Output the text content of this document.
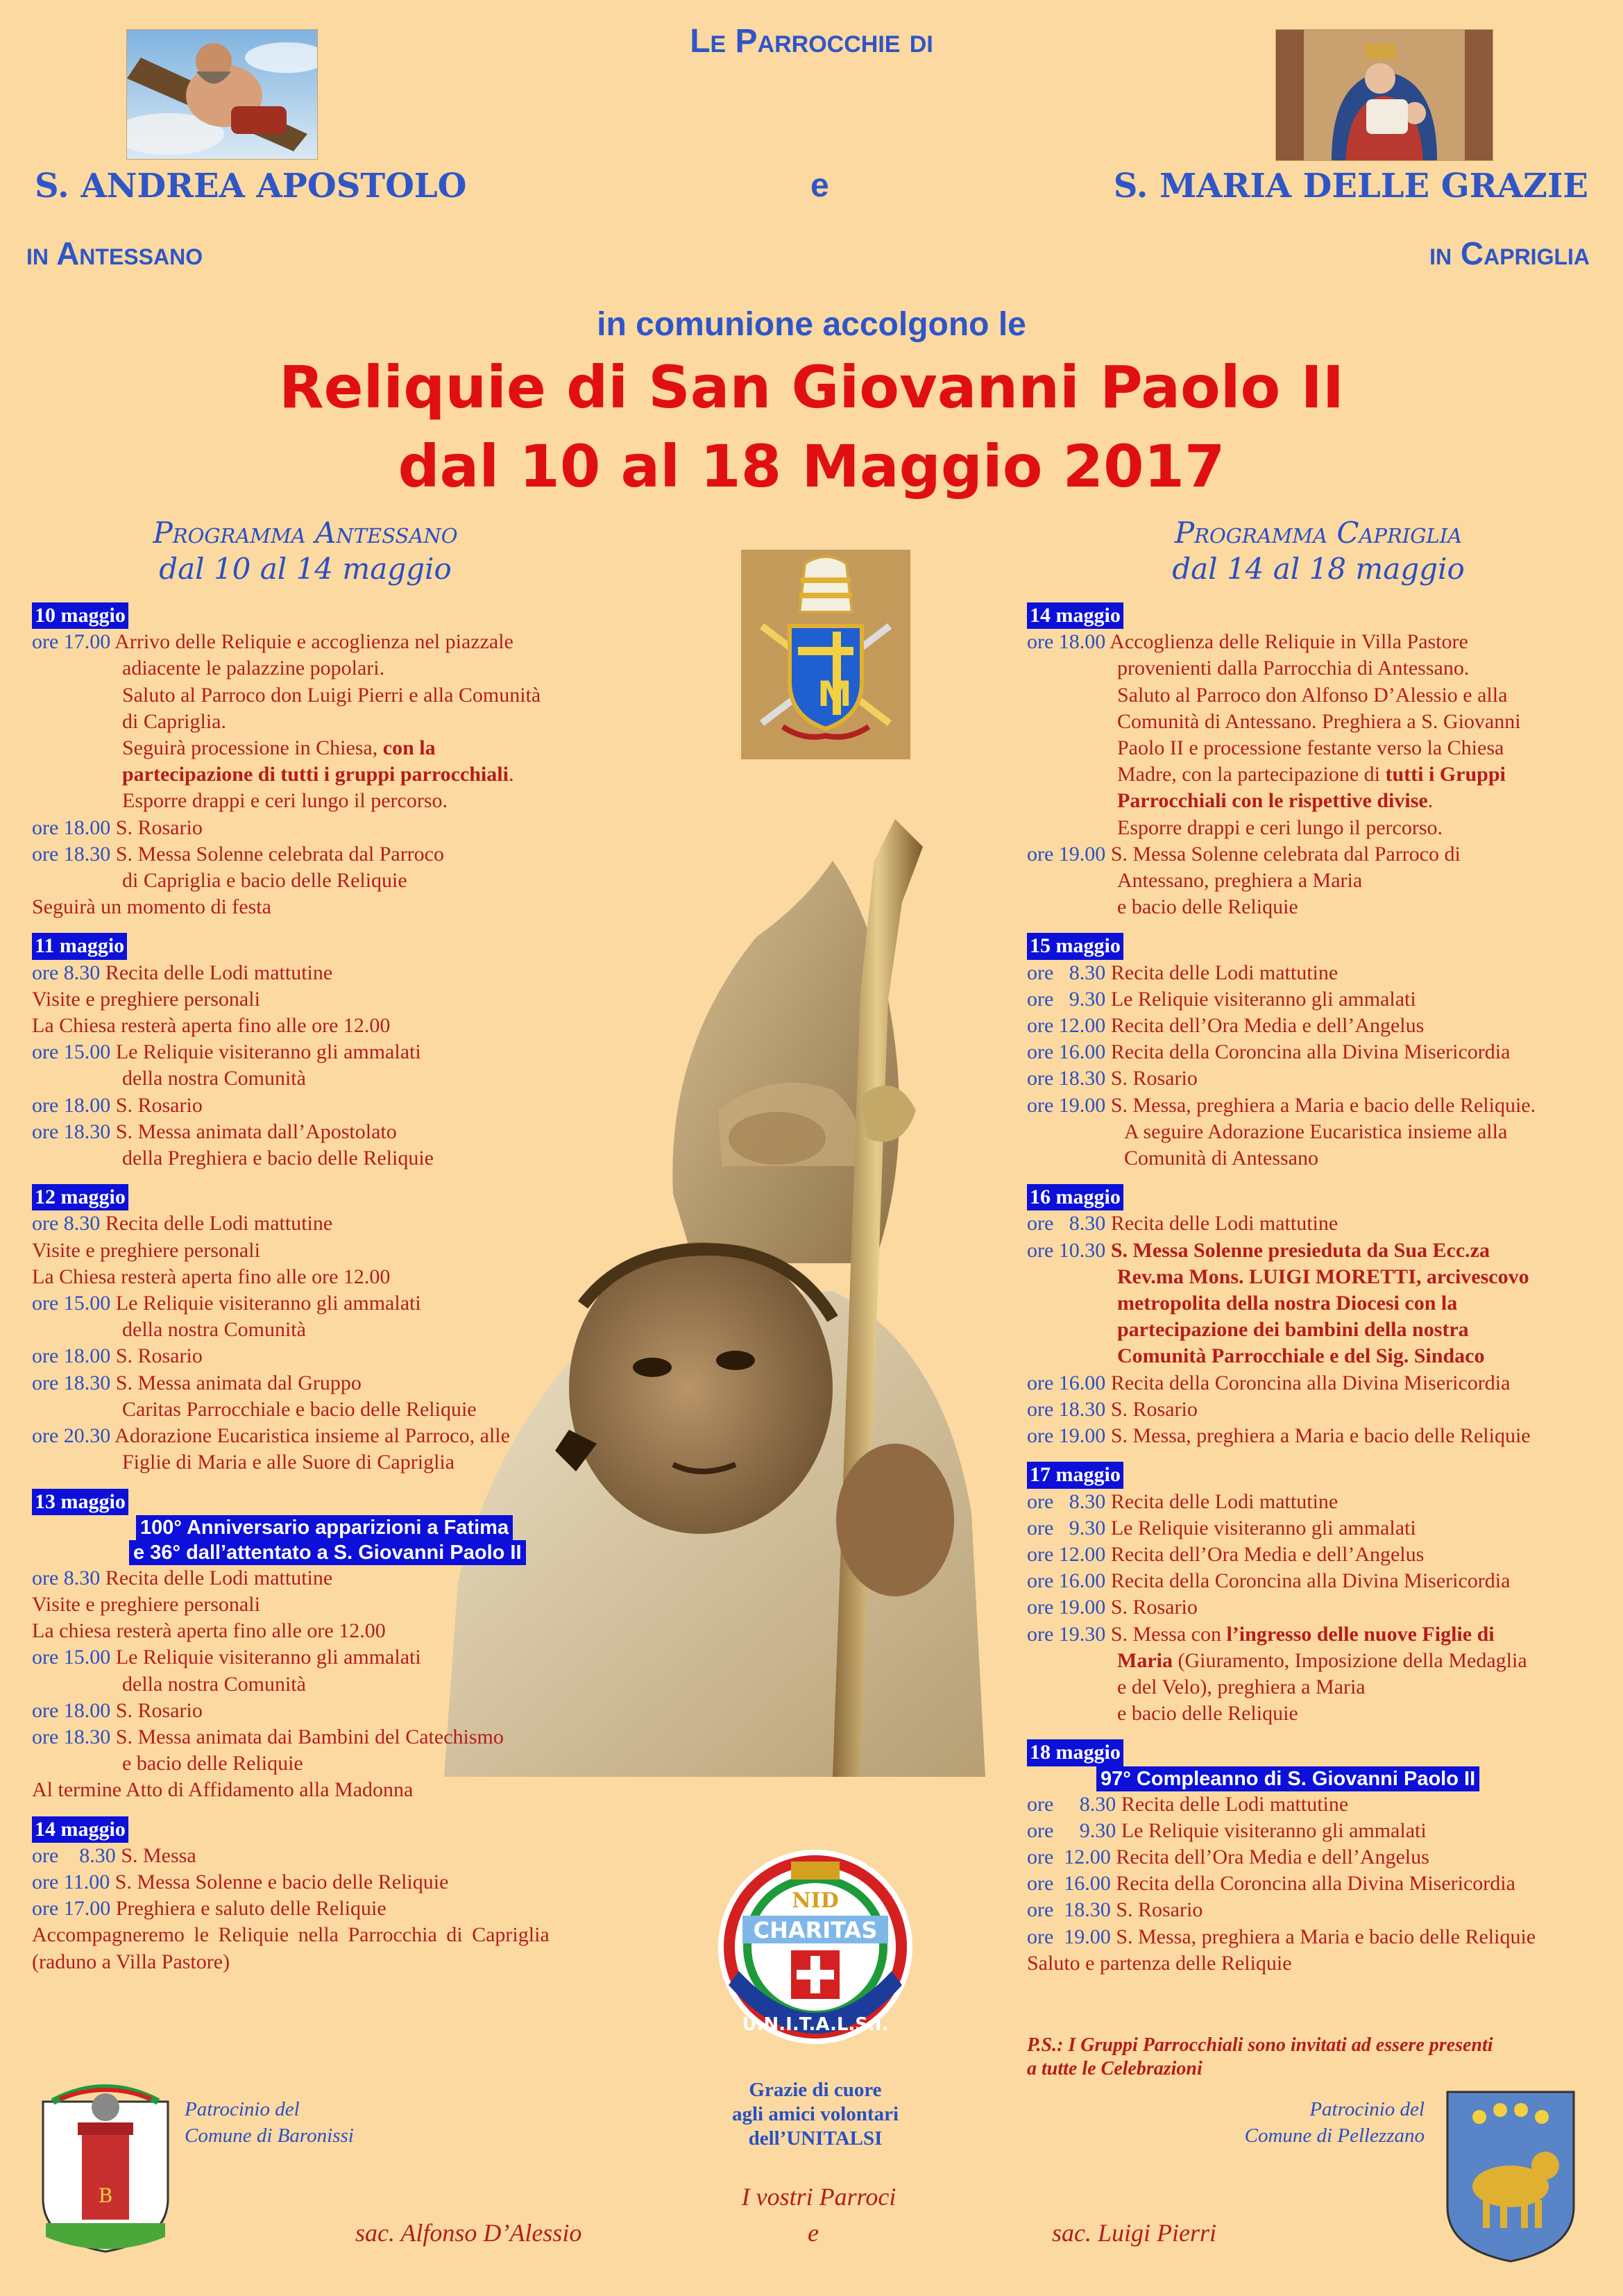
Le Parrocchie di
S. ANDREA APOSTOLO	e	S. MARIA DELLE GRAZIE
in Antessano	in Capriglia
in comunione accolgono le
Reliquie di San Giovanni Paolo II
dal 10 al 18 Maggio 2017
M
Programma Antessano
dal 10 al 14 maggio
Programma Capriglia
dal 14 al 18 maggio
10 maggio
ore 17.00 Arrivo delle Reliquie e accoglienza nel piazzale
adiacente le palazzine popolari.
Saluto al Parroco don Luigi Pierri e alla Comunità
di Capriglia.
Seguirà processione in Chiesa, con la
partecipazione di tutti i gruppi parrocchiali.
Esporre drappi e ceri lungo il percorso.
ore 18.00 S. Rosario
ore 18.30 S. Messa Solenne celebrata dal Parroco
di Capriglia e bacio delle Reliquie
Seguirà un momento di festa
11 maggio
ore 8.30 Recita delle Lodi mattutine
Visite e preghiere personali
La Chiesa resterà aperta fino alle ore 12.00
ore 15.00 Le Reliquie visiteranno gli ammalati
della nostra Comunità
ore 18.00 S. Rosario
ore 18.30 S. Messa animata dall’Apostolato
della Preghiera e bacio delle Reliquie
12 maggio
ore 8.30 Recita delle Lodi mattutine
Visite e preghiere personali
La Chiesa resterà aperta fino alle ore 12.00
ore 15.00 Le Reliquie visiteranno gli ammalati
della nostra Comunità
ore 18.00 S. Rosario
ore 18.30 S. Messa animata dal Gruppo
Caritas Parrocchiale e bacio delle Reliquie
ore 20.30 Adorazione Eucaristica insieme al Parroco, alle
Figlie di Maria e alle Suore di Capriglia
13 maggio
100° Anniversario apparizioni a Fatima
e 36° dall’attentato a S. Giovanni Paolo II
ore 8.30 Recita delle Lodi mattutine
Visite e preghiere personali
La chiesa resterà aperta fino alle ore 12.00
ore 15.00 Le Reliquie visiteranno gli ammalati
della nostra Comunità
ore 18.00 S. Rosario
ore 18.30 S. Messa animata dai Bambini del Catechismo
e bacio delle Reliquie
Al termine Atto di Affidamento alla Madonna
14 maggio
ore    8.30 S. Messa
ore 11.00 S. Messa Solenne e bacio delle Reliquie
ore 17.00 Preghiera e saluto delle Reliquie
Accompagneremo le Reliquie nella Parrocchia di Capriglia
(raduno a Villa Pastore)
14 maggio
ore 18.00 Accoglienza delle Reliquie in Villa Pastore
provenienti dalla Parrocchia di Antessano.
Saluto al Parroco don Alfonso D’Alessio e alla
Comunità di Antessano. Preghiera a S. Giovanni
Paolo II e processione festante verso la Chiesa
Madre, con la partecipazione di tutti i Gruppi
Parrocchiali con le rispettive divise.
Esporre drappi e ceri lungo il percorso.
ore 19.00 S. Messa Solenne celebrata dal Parroco di
Antessano, preghiera a Maria
e bacio delle Reliquie
15 maggio
ore   8.30 Recita delle Lodi mattutine
ore   9.30 Le Reliquie visiteranno gli ammalati
ore 12.00 Recita dell’Ora Media e dell’Angelus
ore 16.00 Recita della Coroncina alla Divina Misericordia
ore 18.30 S. Rosario
ore 19.00 S. Messa, preghiera a Maria e bacio delle Reliquie.
A seguire Adorazione Eucaristica insieme alla
Comunità di Antessano
16 maggio
ore   8.30 Recita delle Lodi mattutine
ore 10.30 S. Messa Solenne presieduta da Sua Ecc.za
Rev.ma Mons. LUIGI MORETTI, arcivescovo
metropolita della nostra Diocesi con la
partecipazione dei bambini della nostra
Comunità Parrocchiale e del Sig. Sindaco
ore 16.00 Recita della Coroncina alla Divina Misericordia
ore 18.30 S. Rosario
ore 19.00 S. Messa, preghiera a Maria e bacio delle Reliquie
17 maggio
ore   8.30 Recita delle Lodi mattutine
ore   9.30 Le Reliquie visiteranno gli ammalati
ore 12.00 Recita dell’Ora Media e dell’Angelus
ore 16.00 Recita della Coroncina alla Divina Misericordia
ore 19.00 S. Rosario
ore 19.30 S. Messa con l’ingresso delle nuove Figlie di
Maria (Giuramento, Imposizione della Medaglia
e del Velo), preghiera a Maria
e bacio delle Reliquie
18 maggio
97° Compleanno di S. Giovanni Paolo II
ore     8.30 Recita delle Lodi mattutine
ore     9.30 Le Reliquie visiteranno gli ammalati
ore  12.00 Recita dell’Ora Media e dell’Angelus
ore  16.00 Recita della Coroncina alla Divina Misericordia
ore  18.30 S. Rosario
ore  19.00 S. Messa, preghiera a Maria e bacio delle Reliquie
Saluto e partenza delle Reliquie
P.S.: I Gruppi Parrocchiali sono invitati ad essere presenti
a tutte le Celebrazioni
CHARITAS
NID
U.N.I.T.A.L.S.I.
Grazie di cuore
agli amici volontari
dell’UNITALSI
B
Patrocinio del
Comune di Baronissi
Patrocinio del
Comune di Pellezzano
I vostri Parroci
sac. Alfonso D’Alessio	e	sac. Luigi Pierri
